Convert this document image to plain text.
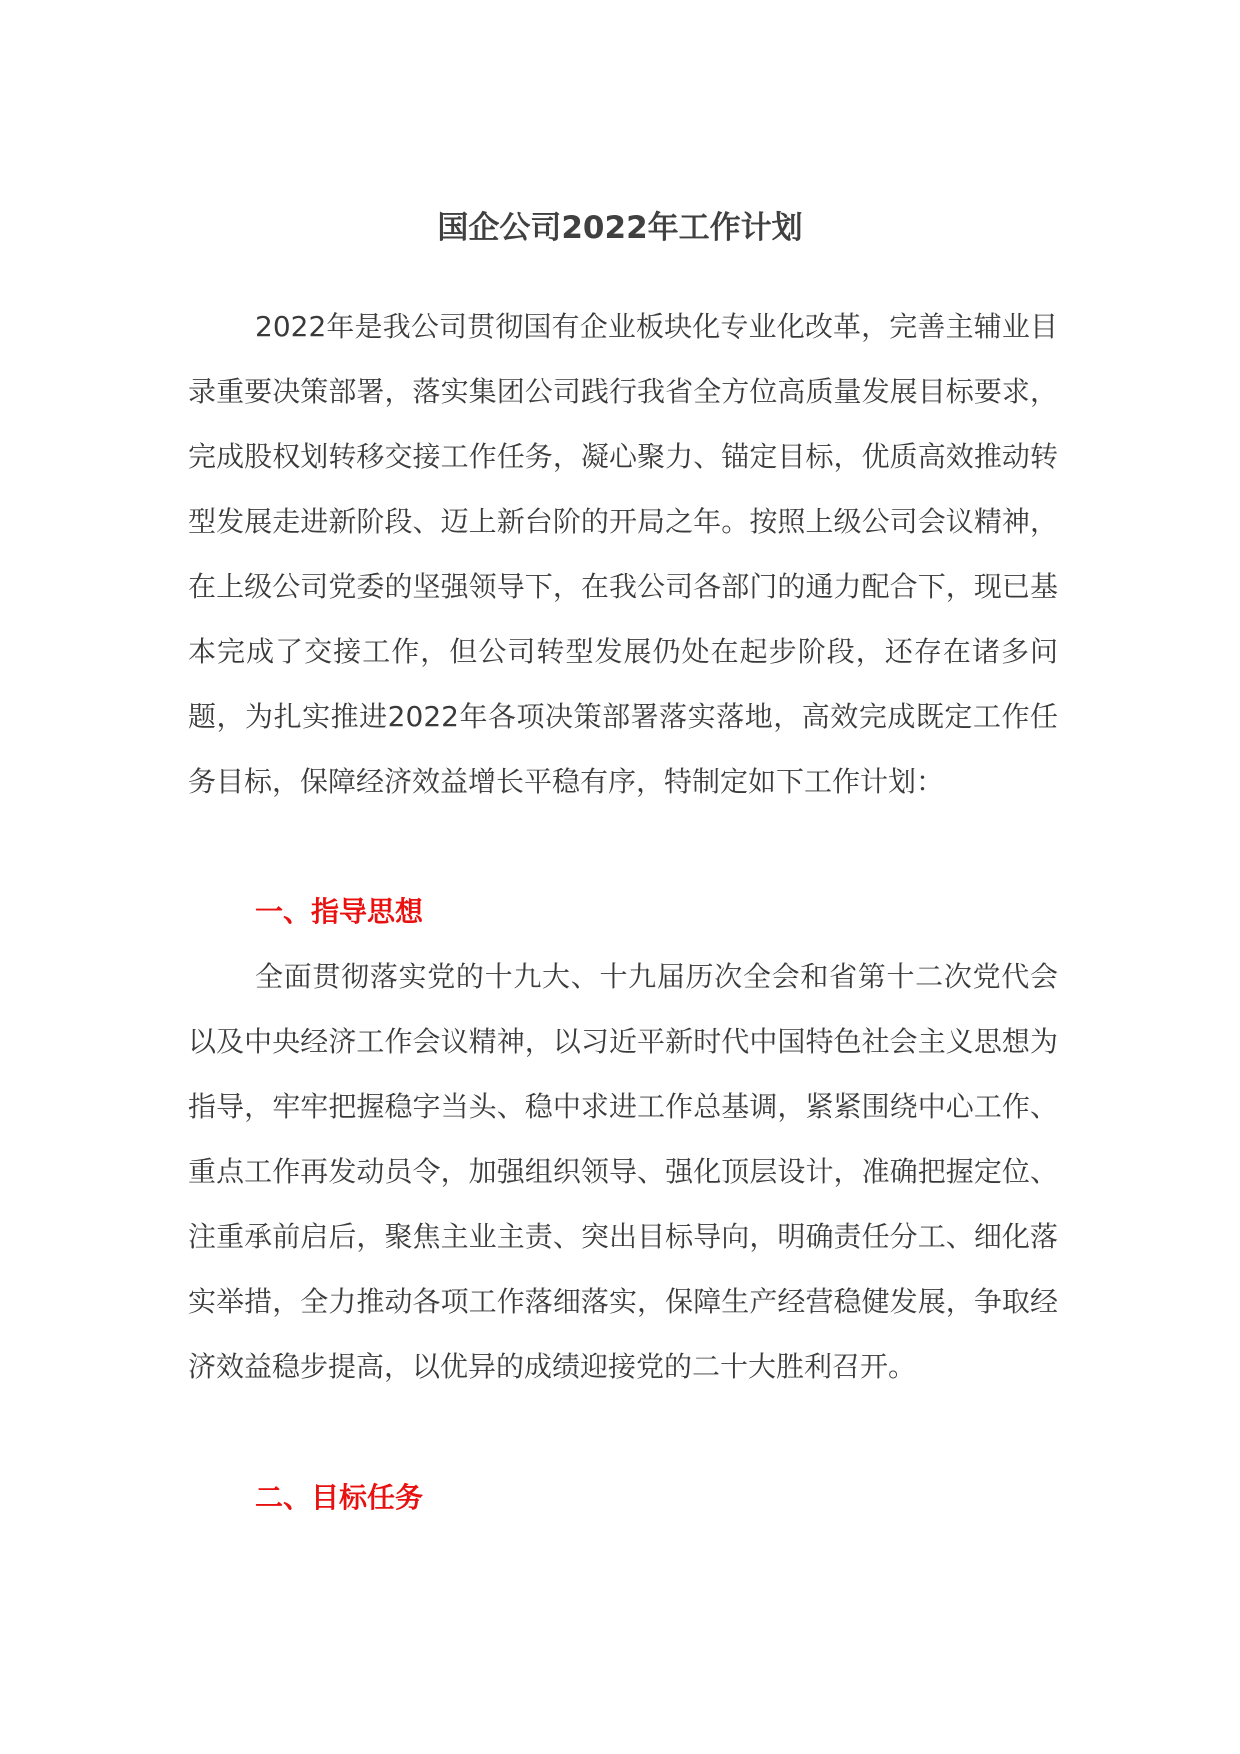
国企公司2022年工作计划

2022年是我公司贯彻国有企业板块化专业化改革，完善主辅业目录重要决策部署，落实集团公司践行我省全方位高质量发展目标要求，完成股权划转移交接工作任务，凝心聚力、锚定目标，优质高效推动转型发展走进新阶段、迈上新台阶的开局之年。按照上级公司会议精神，在上级公司党委的坚强领导下，在我公司各部门的通力配合下，现已基本完成了交接工作，但公司转型发展仍处在起步阶段，还存在诸多问题，为扎实推进2022年各项决策部署落实落地，高效完成既定工作任务目标，保障经济效益增长平稳有序，特制定如下工作计划：

一、指导思想

全面贯彻落实党的十九大、十九届历次全会和省第十二次党代会以及中央经济工作会议精神，以习近平新时代中国特色社会主义思想为指导，牢牢把握稳字当头、稳中求进工作总基调，紧紧围绕中心工作、重点工作再发动员令，加强组织领导、强化顶层设计，准确把握定位、注重承前启后，聚焦主业主责、突出目标导向，明确责任分工、细化落实举措，全力推动各项工作落细落实，保障生产经营稳健发展，争取经济效益稳步提高，以优异的成绩迎接党的二十大胜利召开。

二、目标任务
